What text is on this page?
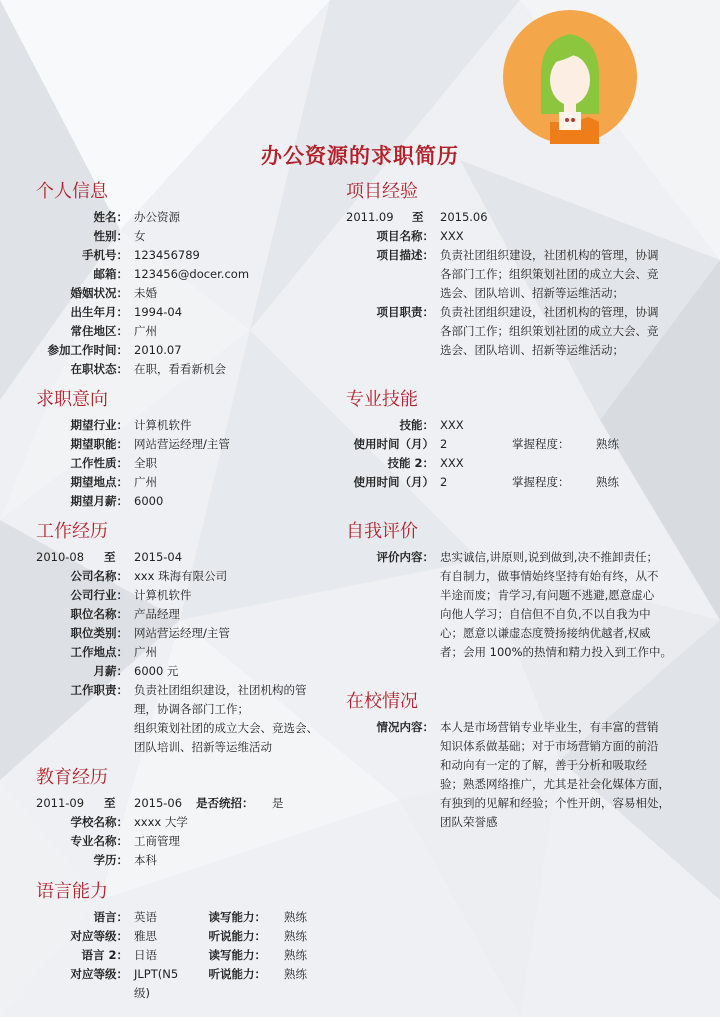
办公资源的求职简历
个人信息
姓名： 办公资源
性别： 女
手机号： 123456789
邮箱： 123456@docer.com
婚姻状况： 未婚
出生年月： 1994-04
常住地区： 广州
参加工作时间： 2010.07
在职状态： 在职，看看新机会
求职意向
期望行业： 计算机软件
期望职能： 网站营运经理/主管
工作性质： 全职
期望地点： 广州
期望月薪： 6000
工作经历
2010-08 至 2015-04
公司名称： xxx 珠海有限公司
公司行业： 计算机软件
职位名称： 产品经理
职位类别： 网站营运经理/主管
工作地点： 广州
月薪： 6000 元
工作职责： 负责社团组织建设，社团机构的管
理，协调各部门工作；
组织策划社团的成立大会、竞选会、
团队培训、招新等运维活动
教育经历
2011-09 至 2015-06 是否统招： 是
学校名称： xxxx 大学
专业名称： 工商管理
学历： 本科
语言能力
语言： 英语	读写能力： 熟练
对应等级： 雅思	听说能力： 熟练
语言 2： 日语	读写能力： 熟练
对应等级： JLPT(N5	听说能力： 熟练
级)
项目经验
2011.09 至 2015.06
项目名称： XXX
项目描述： 负责社团组织建设，社团机构的管理，协调
各部门工作；组织策划社团的成立大会、竞
选会、团队培训、招新等运维活动；
项目职责： 负责社团组织建设，社团机构的管理，协调
各部门工作；组织策划社团的成立大会、竞
选会、团队培训、招新等运维活动；
专业技能
技能： XXX
使用时间（月） 2	掌握程度： 熟练
技能 2： XXX
使用时间（月） 2	掌握程度： 熟练
自我评价
评价内容： 忠实诚信,讲原则,说到做到,决不推卸责任；
有自制力，做事情始终坚持有始有终，从不
半途而废；肯学习,有问题不逃避,愿意虚心
向他人学习；自信但不自负,不以自我为中
心；愿意以谦虚态度赞扬接纳优越者,权威
者；会用 100%的热情和精力投入到工作中。
在校情况
情况内容： 本人是市场营销专业毕业生，有丰富的营销
知识体系做基础；对于市场营销方面的前沿
和动向有一定的了解，善于分析和吸取经
验；熟悉网络推广，尤其是社会化媒体方面，
有独到的见解和经验；个性开朗，容易相处，
团队荣誉感
